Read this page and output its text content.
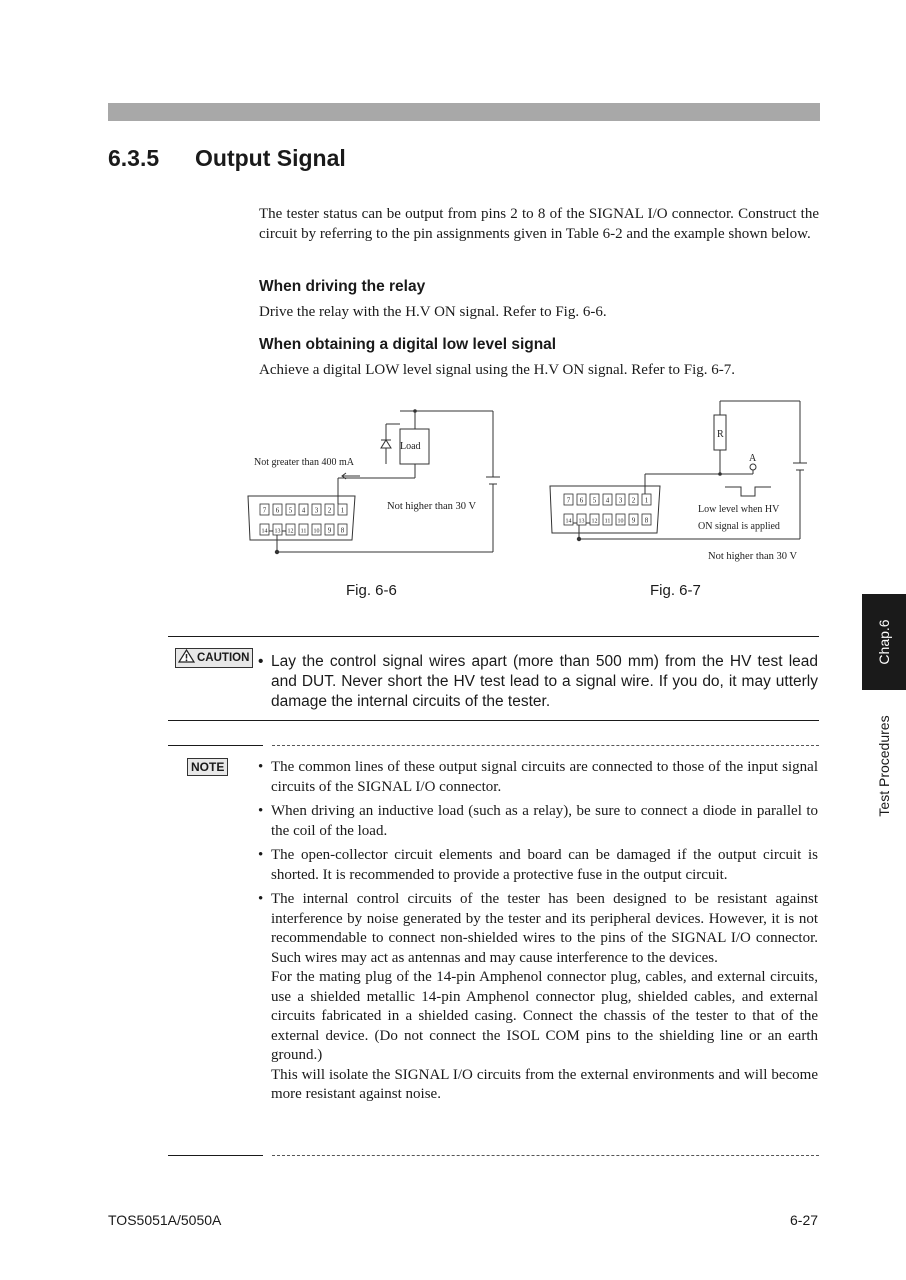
6.3.5 Output Signal
The tester status can be output from pins 2 to 8 of the SIGNAL I/O connector. Construct the circuit by referring to the pin assignments given in Table 6-2 and the example shown below.
When driving the relay
Drive the relay with the H.V ON signal. Refer to Fig. 6-6.
When obtaining a digital low level signal
Achieve a digital LOW level signal using the H.V ON signal. Refer to Fig. 6-7.
Load
Not greater than 400 mA
Not higher than 30 V
7 6 5 4 3 2 1
14 13 12 11 10 9 8
R
A
Low level when HV
ON signal is applied
Not higher than 30 V
7 6 5 4 3 2 1
14 13 12 11 10 9 8
Fig. 6-6	Fig. 6-7
Chap.6
Test Procedures
CAUTION • Lay the control signal wires apart (more than 500 mm) from the HV test lead and DUT. Never short the HV test lead to a signal wire. If you do, it may utterly damage the internal circuits of the tester.
NOTE • The common lines of these output signal circuits are connected to those of the input signal circuits of the SIGNAL I/O connector.
• When driving an inductive load (such as a relay), be sure to connect a diode in parallel to the coil of the load.
• The open-collector circuit elements and board can be damaged if the output circuit is shorted. It is recommended to provide a protective fuse in the output circuit.
• The internal control circuits of the tester has been designed to be resistant against interference by noise generated by the tester and its peripheral devices. However, it is not recommendable to connect non-shielded wires to the pins of the SIGNAL I/O connector. Such wires may act as antennas and may cause interference to the devices.
For the mating plug of the 14-pin Amphenol connector plug, cables, and external circuits, use a shielded metallic 14-pin Amphenol connector plug, shielded cables, and external circuits fabricated in a shielded casing. Connect the chassis of the tester to that of the external device. (Do not connect the ISOL COM pins to the shielding line or an earth ground.)
This will isolate the SIGNAL I/O circuits from the external environments and will become more resistant against noise.
TOS5051A/5050A	6-27
